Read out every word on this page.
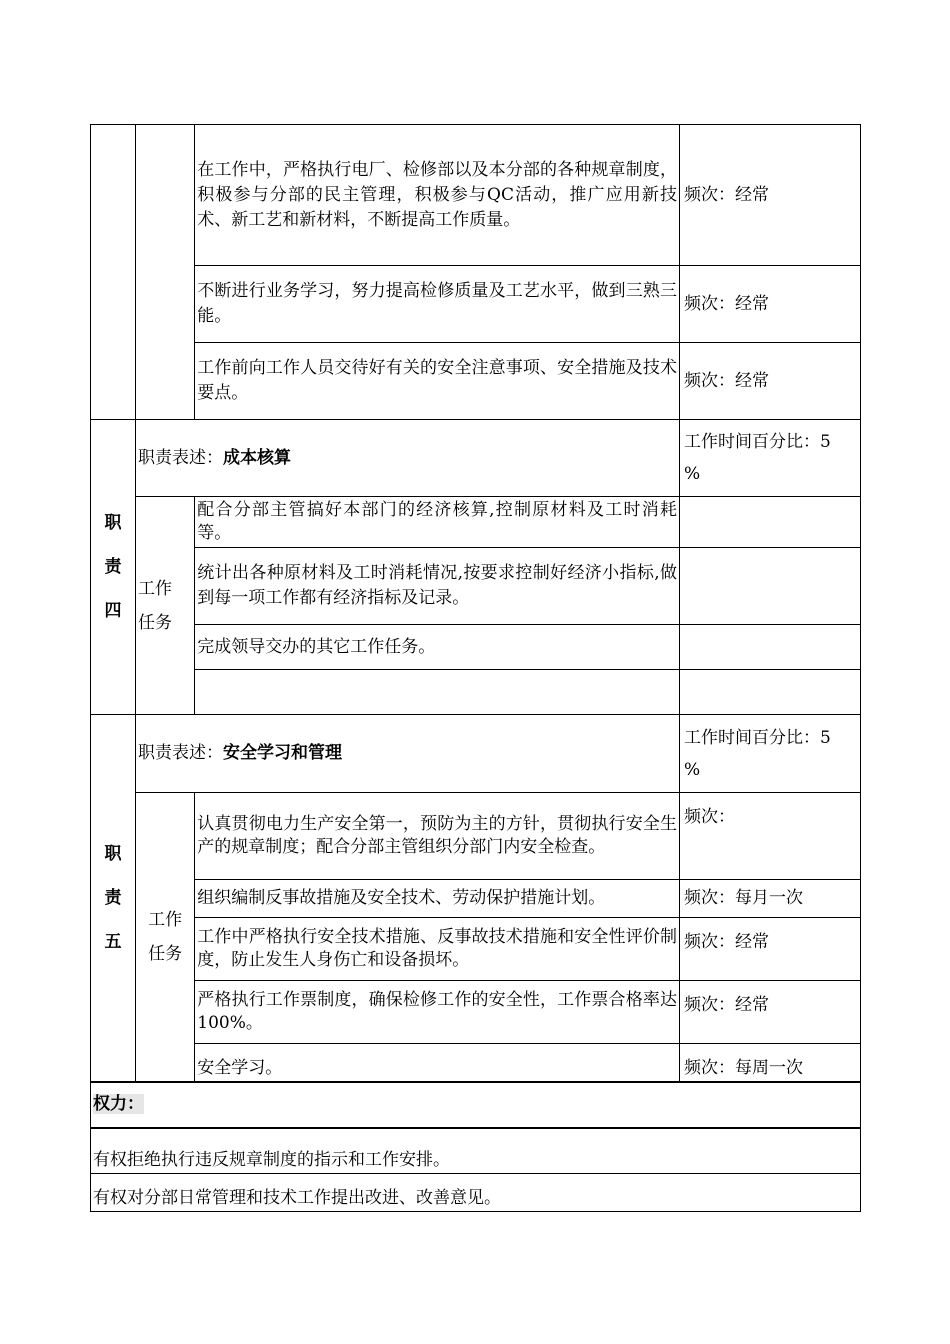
		在工作中，严格执行电厂、检修部以及本分部的各种规章制度，积极参与分部的民主管理，积极参与QC活动，推广应用新技术、新工艺和新材料，不断提高工作质量。	频次：经常
		不断进行业务学习，努力提高检修质量及工艺水平，做到三熟三能。	频次：经常
		工作前向工作人员交待好有关的安全注意事项、安全措施及技术要点。	频次：经常

职
责
四	职责表述：成本核算		工作时间百分比：5
%
	工作
任务	配合分部主管搞好本部门的经济核算,控制原材料及工时消耗等。	
		统计出各种原材料及工时消耗情况,按要求控制好经济小指标,做到每一项工作都有经济指标及记录。	
		完成领导交办的其它工作任务。	

职
责
五	职责表述：安全学习和管理		工作时间百分比：5
%
	工作
任务	认真贯彻电力生产安全第一，预防为主的方针，贯彻执行安全生产的规章制度；配合分部主管组织分部门内安全检查。	频次：
		组织编制反事故措施及安全技术、劳动保护措施计划。	频次：每月一次
		工作中严格执行安全技术措施、反事故技术措施和安全性评价制度，防止发生人身伤亡和设备损坏。	频次：经常
		严格执行工作票制度，确保检修工作的安全性，工作票合格率达100%。	频次：经常
		安全学习。	频次：每周一次
权力：			
有权拒绝执行违反规章制度的指示和工作安排。			
有权对分部日常管理和技术工作提出改进、改善意见。			
